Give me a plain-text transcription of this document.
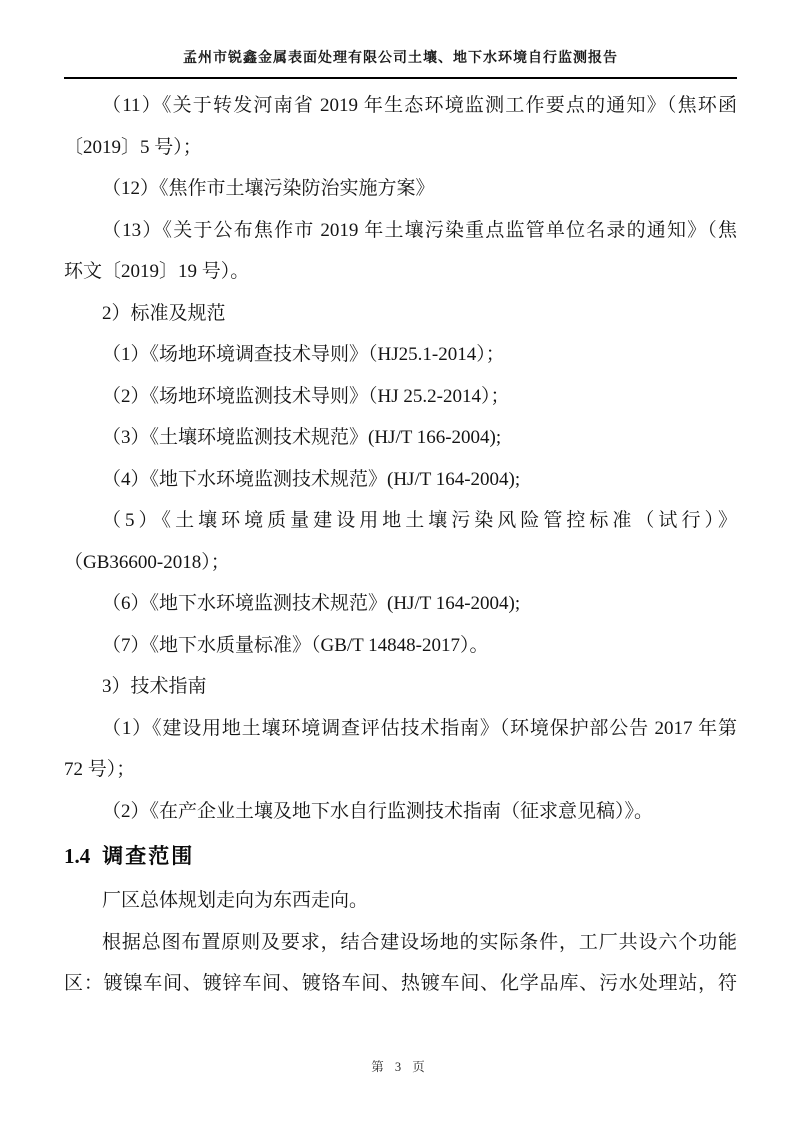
孟州市锐鑫金属表面处理有限公司土壤、地下水环境自行监测报告
（11）《关于转发河南省 2019 年生态环境监测工作要点的通知》（焦环函
〔2019〕5 号）；
（12）《焦作市土壤污染防治实施方案》
（13）《关于公布焦作市 2019 年土壤污染重点监管单位名录的通知》（焦
环文〔2019〕19 号）。
2）标准及规范
（1）《场地环境调查技术导则》（HJ25.1-2014）；
（2）《场地环境监测技术导则》（HJ 25.2-2014）；
（3）《土壤环境监测技术规范》(HJ/T 166-2004);
（4）《地下水环境监测技术规范》(HJ/T 164-2004);
（5）《土壤环境质量建设用地土壤污染风险管控标准（试行）》
（GB36600-2018）；
（6）《地下水环境监测技术规范》(HJ/T 164-2004);
（7）《地下水质量标准》（GB/T 14848-2017）。
3）技术指南
（1）《建设用地土壤环境调查评估技术指南》（环境保护部公告 2017 年第
72 号）；
（2）《在产企业土壤及地下水自行监测技术指南（征求意见稿）》。
1.4 调查范围
厂区总体规划走向为东西走向。
根据总图布置原则及要求，结合建设场地的实际条件，工厂共设六个功能
区：镀镍车间、镀锌车间、镀铬车间、热镀车间、化学品库、污水处理站，符
第 3 页
